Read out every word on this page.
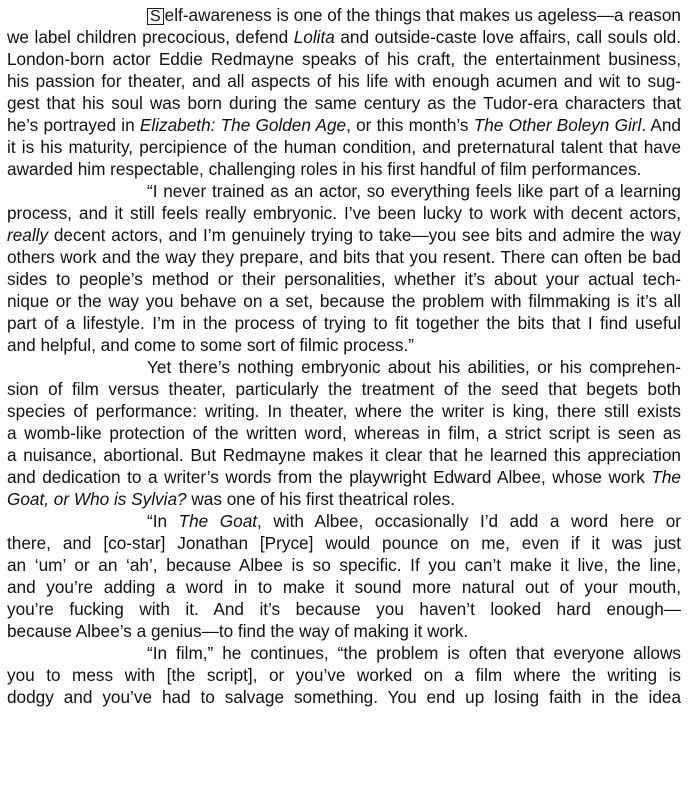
S elf-awareness is one of the things that makes us ageless—a reason
we label children precocious, defend Lolita and outside-caste love affairs, call souls old.
London-born actor Eddie Redmayne speaks of his craft, the entertainment business,
his passion for theater, and all aspects of his life with enough acumen and wit to sug-
gest that his soul was born during the same century as the Tudor-era characters that
he’s portrayed in Elizabeth: The Golden Age, or this month’s The Other Boleyn Girl. And
it is his maturity, percipience of the human condition, and preternatural talent that have
awarded him respectable, challenging roles in his first handful of film performances.
“I never trained as an actor, so everything feels like part of a learning
process, and it still feels really embryonic. I’ve been lucky to work with decent actors,
really decent actors, and I’m genuinely trying to take—you see bits and admire the way
others work and the way they prepare, and bits that you resent. There can often be bad
sides to people’s method or their personalities, whether it’s about your actual tech-
nique or the way you behave on a set, because the problem with filmmaking is it’s all
part of a lifestyle. I’m in the process of trying to fit together the bits that I find useful
and helpful, and come to some sort of filmic process.”
Yet there’s nothing embryonic about his abilities, or his comprehen-
sion of film versus theater, particularly the treatment of the seed that begets both
species of performance: writing. In theater, where the writer is king, there still exists
a womb-like protection of the written word, whereas in film, a strict script is seen as
a nuisance, abortional. But Redmayne makes it clear that he learned this appreciation
and dedication to a writer’s words from the playwright Edward Albee, whose work The
Goat, or Who is Sylvia? was one of his first theatrical roles.
“In The Goat, with Albee, occasionally I’d add a word here or
there, and [co-star] Jonathan [Pryce] would pounce on me, even if it was just
an ‘um’ or an ‘ah’, because Albee is so specific. If you can’t make it live, the line,
and you’re adding a word in to make it sound more natural out of your mouth,
you’re fucking with it. And it’s because you haven’t looked hard enough—
because Albee’s a genius—to find the way of making it work.
“In film,” he continues, “the problem is often that everyone allows
you to mess with [the script], or you’ve worked on a film where the writing is
dodgy and you’ve had to salvage something. You end up losing faith in the idea
